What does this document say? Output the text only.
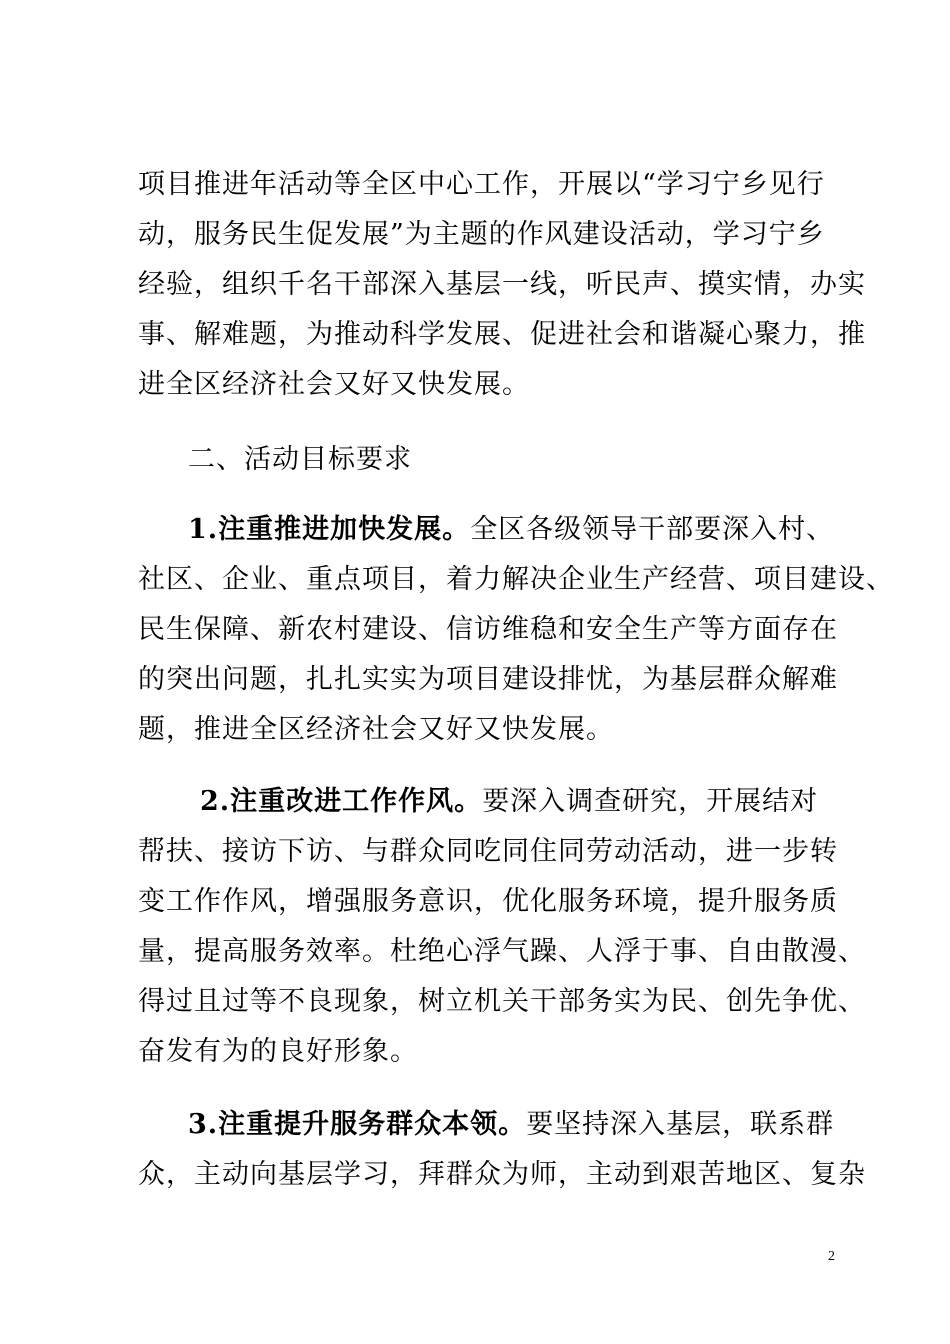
项目推进年活动等全区中心工作，开展以“学习宁乡见行
动，服务民生促发展”为主题的作风建设活动，学习宁乡
经验，组织千名干部深入基层一线，听民声、摸实情，办实
事、解难题，为推动科学发展、促进社会和谐凝心聚力，推
进全区经济社会又好又快发展。
二、活动目标要求
1.注重推进加快发展。全区各级领导干部要深入村、
社区、企业、重点项目，着力解决企业生产经营、项目建设、
民生保障、新农村建设、信访维稳和安全生产等方面存在
的突出问题，扎扎实实为项目建设排忧，为基层群众解难
题，推进全区经济社会又好又快发展。
2.注重改进工作作风。要深入调查研究，开展结对
帮扶、接访下访、与群众同吃同住同劳动活动，进一步转
变工作作风，增强服务意识，优化服务环境，提升服务质
量，提高服务效率。杜绝心浮气躁、人浮于事、自由散漫、
得过且过等不良现象，树立机关干部务实为民、创先争优、
奋发有为的良好形象。
3.注重提升服务群众本领。要坚持深入基层，联系群
众，主动向基层学习，拜群众为师，主动到艰苦地区、复杂
2
